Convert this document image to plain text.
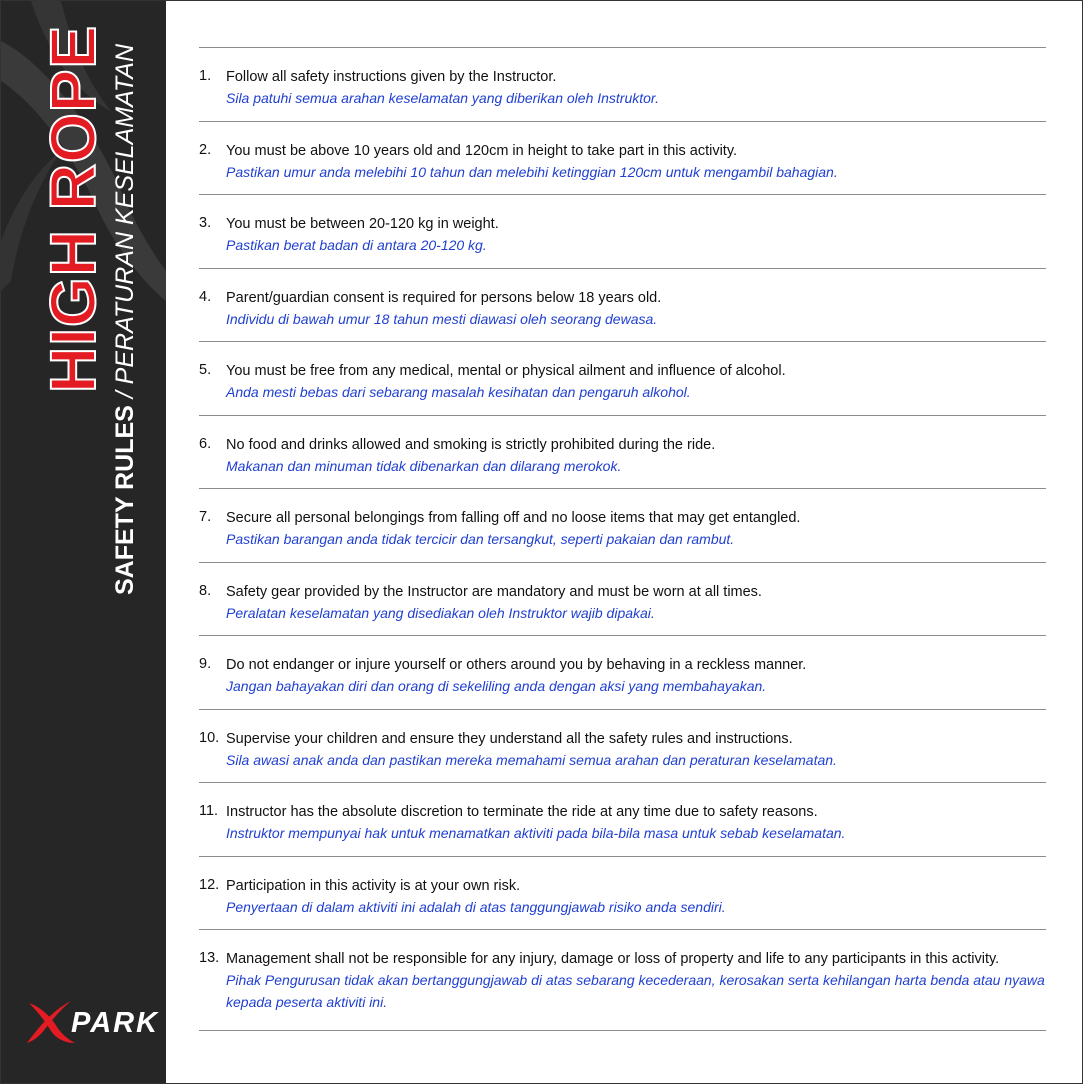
HIGH ROPE
SAFETY RULES / PERATURAN KESELAMATAN
PARK
1. Follow all safety instructions given by the Instructor.
Sila patuhi semua arahan keselamatan yang diberikan oleh Instruktor.
2. You must be above 10 years old and 120cm in height to take part in this activity.
Pastikan umur anda melebihi 10 tahun dan melebihi ketinggian 120cm untuk mengambil bahagian.
3. You must be between 20-120 kg in weight.
Pastikan berat badan di antara 20-120 kg.
4. Parent/guardian consent is required for persons below 18 years old.
Individu di bawah umur 18 tahun mesti diawasi oleh seorang dewasa.
5. You must be free from any medical, mental or physical ailment and influence of alcohol.
Anda mesti bebas dari sebarang masalah kesihatan dan pengaruh alkohol.
6. No food and drinks allowed and smoking is strictly prohibited during the ride.
Makanan dan minuman tidak dibenarkan dan dilarang merokok.
7. Secure all personal belongings from falling off and no loose items that may get entangled.
Pastikan barangan anda tidak tercicir dan tersangkut, seperti pakaian dan rambut.
8. Safety gear provided by the Instructor are mandatory and must be worn at all times.
Peralatan keselamatan yang disediakan oleh Instruktor wajib dipakai.
9. Do not endanger or injure yourself or others around you by behaving in a reckless manner.
Jangan bahayakan diri dan orang di sekeliling anda dengan aksi yang membahayakan.
10. Supervise your children and ensure they understand all the safety rules and instructions.
Sila awasi anak anda dan pastikan mereka memahami semua arahan dan peraturan keselamatan.
11. Instructor has the absolute discretion to terminate the ride at any time due to safety reasons.
Instruktor mempunyai hak untuk menamatkan aktiviti pada bila-bila masa untuk sebab keselamatan.
12. Participation in this activity is at your own risk.
Penyertaan di dalam aktiviti ini adalah di atas tanggungjawab risiko anda sendiri.
13. Management shall not be responsible for any injury, damage or loss of property and life to any participants in this activity.
Pihak Pengurusan tidak akan bertanggungjawab di atas sebarang kecederaan, kerosakan serta kehilangan harta benda atau nyawa kepada peserta aktiviti ini.
